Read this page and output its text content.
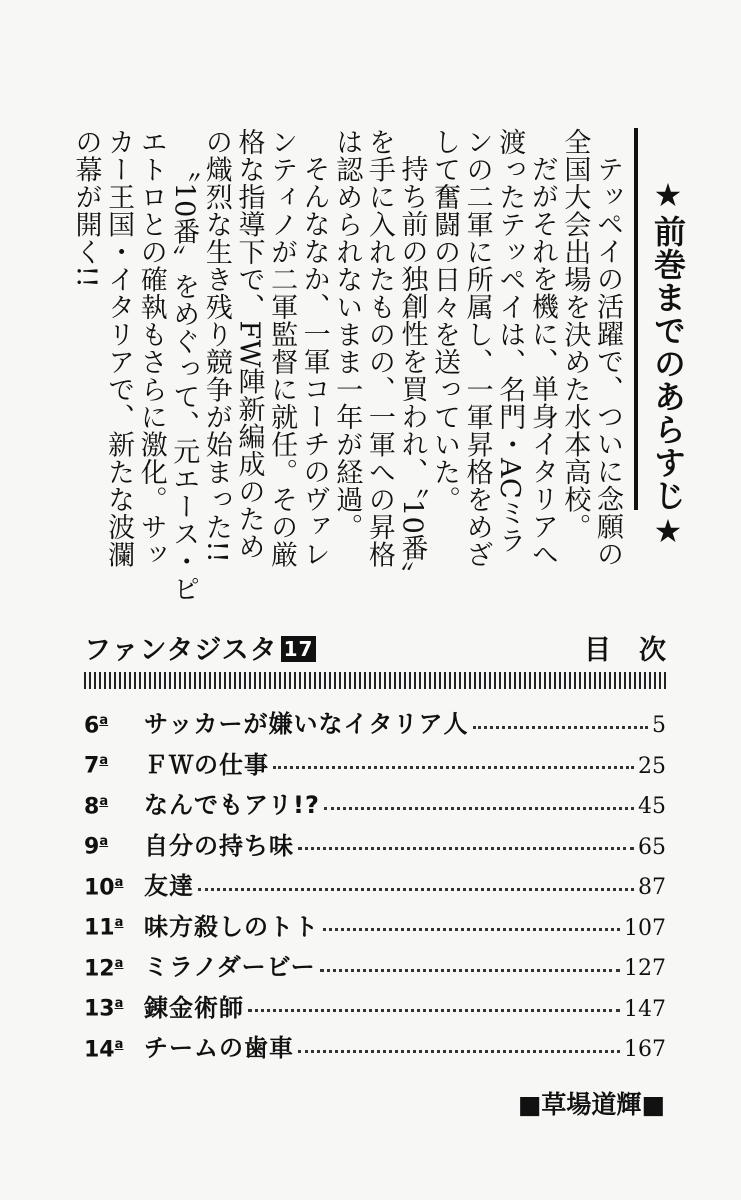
★前巻までのあらすじ★
テッペイの活躍で、ついに念願の
全国大会出場を決めた水本高校。
だがそれを機に、単身イタリアへ
渡ったテッペイは、名門・ACミラ
ンの二軍に所属し、一軍昇格をめざ
して奮闘の日々を送っていた。
持ち前の独創性を買われ、〝10番〟
を手に入れたものの、一軍への昇格
は認められないまま一年が経過。
そんななか、一軍コーチのヴァレ
ンティノが二軍監督に就任。その厳
格な指導下で、FW陣新編成のため
の熾烈な生き残り競争が始まった!!
〝10番〟をめぐって、元エース・ピ
エトロとの確執もさらに激化。サッ
カー王国・イタリアで、新たな波瀾
の幕が開く!!
ファンタジスタ 17	目次
6$^a$	サッカーが嫌いなイタリア人	5
7$^a$	ＦＷの仕事	25
8$^a$	なんでもアリ!?	45
9$^a$	自分の持ち味	65
10$^a$ 友達	87
11$^a$ 味方殺しのトト	107
12$^a$ ミラノダービー	127
13$^a$ 錬金術師	147
14$^a$ チームの歯車	167
■草場道輝■
